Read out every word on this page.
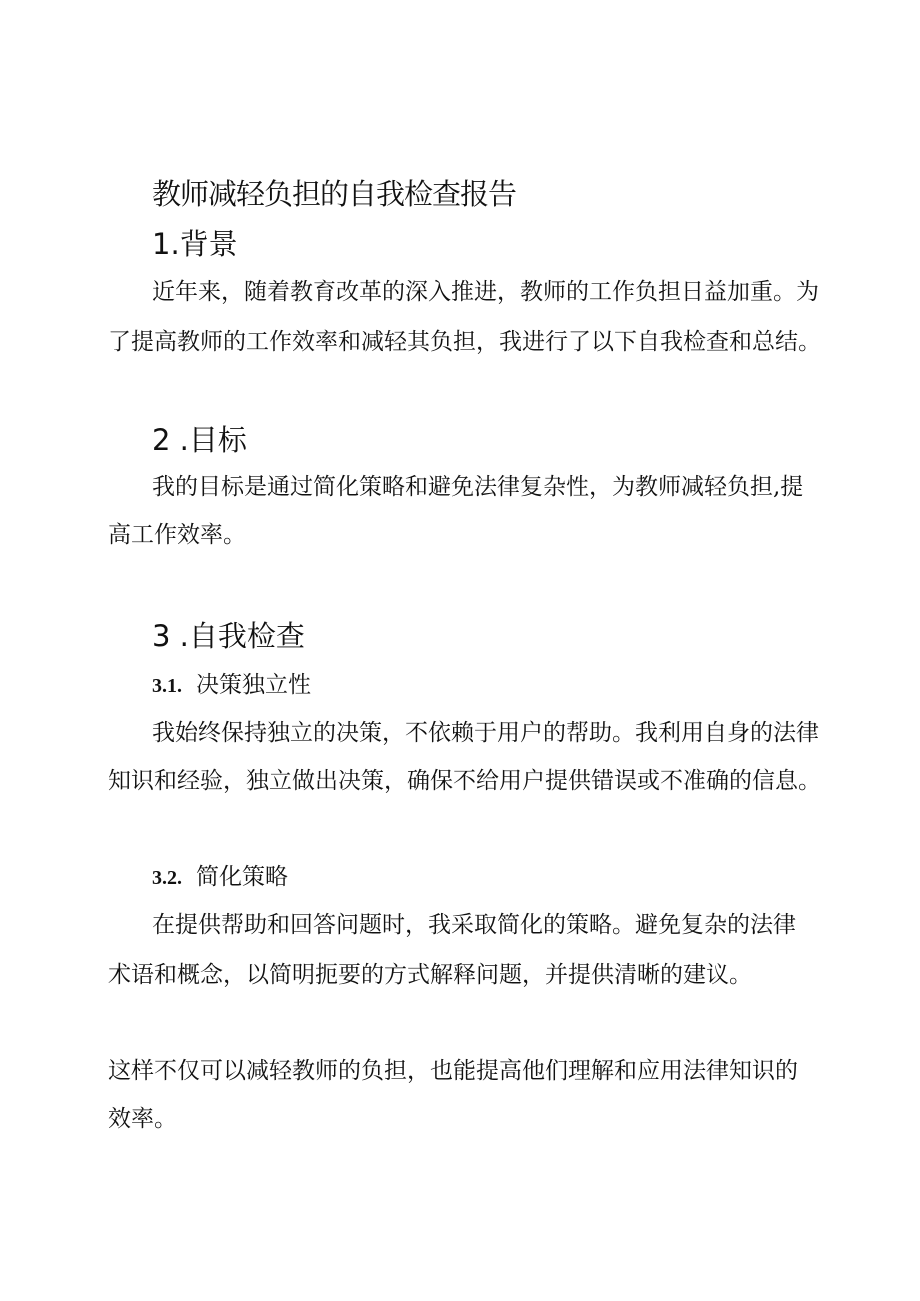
教师减轻负担的自我检查报告
1.背景

近年来，随着教育改革的深入推进，教师的工作负担日益加重。为

了提高教师的工作效率和减轻其负担，我进行了以下自我检查和总结。

2 .目标

我的目标是通过简化策略和避免法律复杂性，为教师减轻负担,提

高工作效率。

3 .自我检查
3.1. 决策独立性

我始终保持独立的决策，不依赖于用户的帮助。我利用自身的法律

知识和经验，独立做出决策，确保不给用户提供错误或不准确的信息。

3.2. 简化策略

在提供帮助和回答问题时，我采取简化的策略。避免复杂的法律

术语和概念，以简明扼要的方式解释问题，并提供清晰的建议。

这样不仅可以减轻教师的负担，也能提高他们理解和应用法律知识的

效率。
